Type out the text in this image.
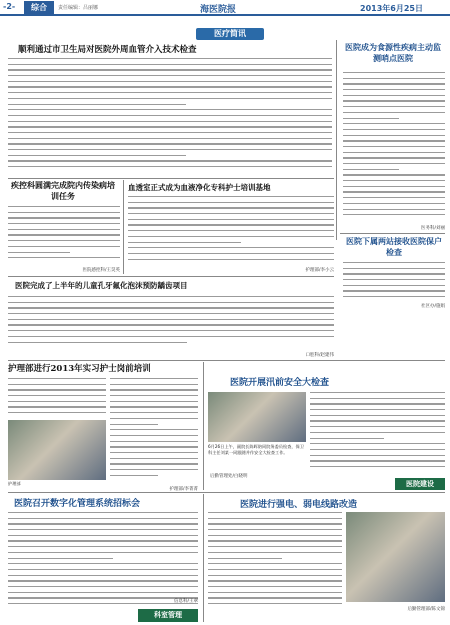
-2-	综合	责任编辑：吕丽娜	海医院报	2013年6月25日
医疗简讯
顺利通过市卫生局对医院外周血管介入技术检查	医院成为食源性疾病主动监测哨点医院
医务科/刘丽
疾控科圆满完成院内传染病培训任务
医院感控科/王昊英
血透室正式成为血液净化专科护士培训基地
护理部/李小云
医院下属两站接收医院保户检查
社区办/施娟
医院完成了上半年的儿童孔牙氟化泡沫预防龋齿项目
口腔科/赵建伟
护理部进行2013年实习护士岗前培训
护理部
护理部/李菁菁
医院开展汛前安全大检查
6月26日上午，副院长陈晖陪同院务委员检查，保卫科主任刘某一同跟随并作安全大检查工作。
后勤管理处/白晓明
医院建设
医院召开数字化管理系统招标会
信息科/王翠
科室管理
医院进行强电、弱电线路改造
后勤管理部/陈文锦
